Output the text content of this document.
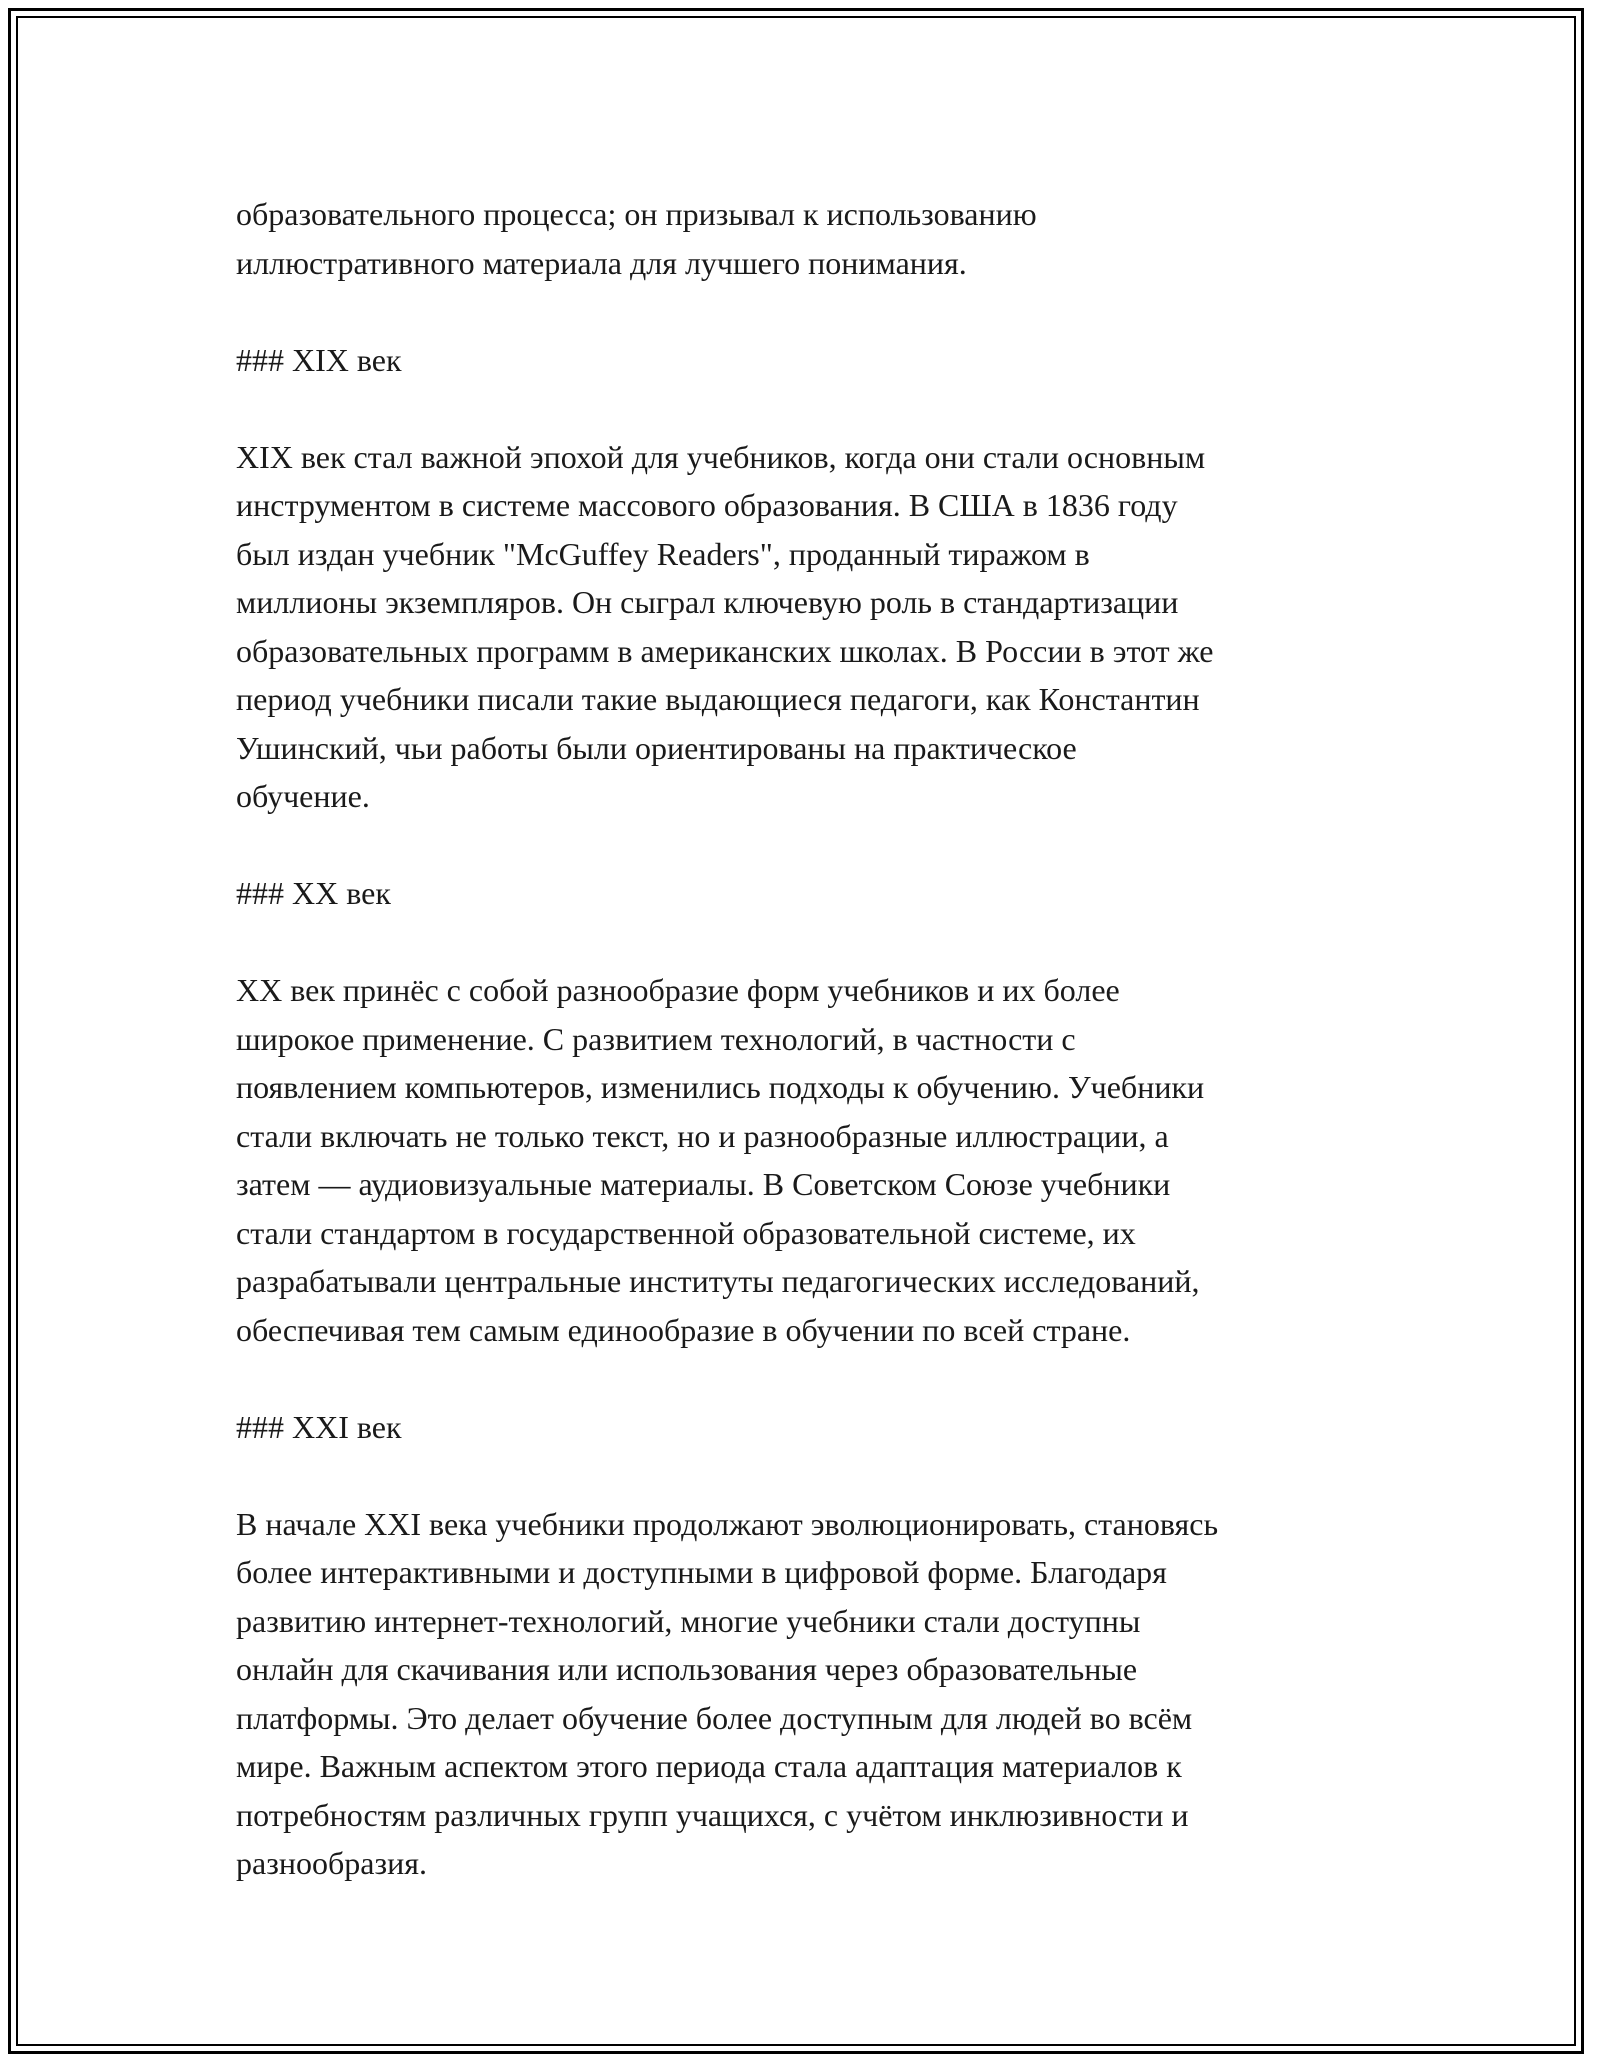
образовательного процесса; он призывал к использованию
иллюстративного материала для лучшего понимания.

### XIX век

XIX век стал важной эпохой для учебников, когда они стали основным
инструментом в системе массового образования. В США в 1836 году
был издан учебник "McGuffey Readers", проданный тиражом в
миллионы экземпляров. Он сыграл ключевую роль в стандартизации
образовательных программ в американских школах. В России в этот же
период учебники писали такие выдающиеся педагоги, как Константин
Ушинский, чьи работы были ориентированы на практическое
обучение.

### XX век

XX век принёс с собой разнообразие форм учебников и их более
широкое применение. С развитием технологий, в частности с
появлением компьютеров, изменились подходы к обучению. Учебники
стали включать не только текст, но и разнообразные иллюстрации, а
затем — аудиовизуальные материалы. В Советском Союзе учебники
стали стандартом в государственной образовательной системе, их
разрабатывали центральные институты педагогических исследований,
обеспечивая тем самым единообразие в обучении по всей стране.

### XXI век

В начале XXI века учебники продолжают эволюционировать, становясь
более интерактивными и доступными в цифровой форме. Благодаря
развитию интернет-технологий, многие учебники стали доступны
онлайн для скачивания или использования через образовательные
платформы. Это делает обучение более доступным для людей во всём
мире. Важным аспектом этого периода стала адаптация материалов к
потребностям различных групп учащихся, с учётом инклюзивности и
разнообразия.
